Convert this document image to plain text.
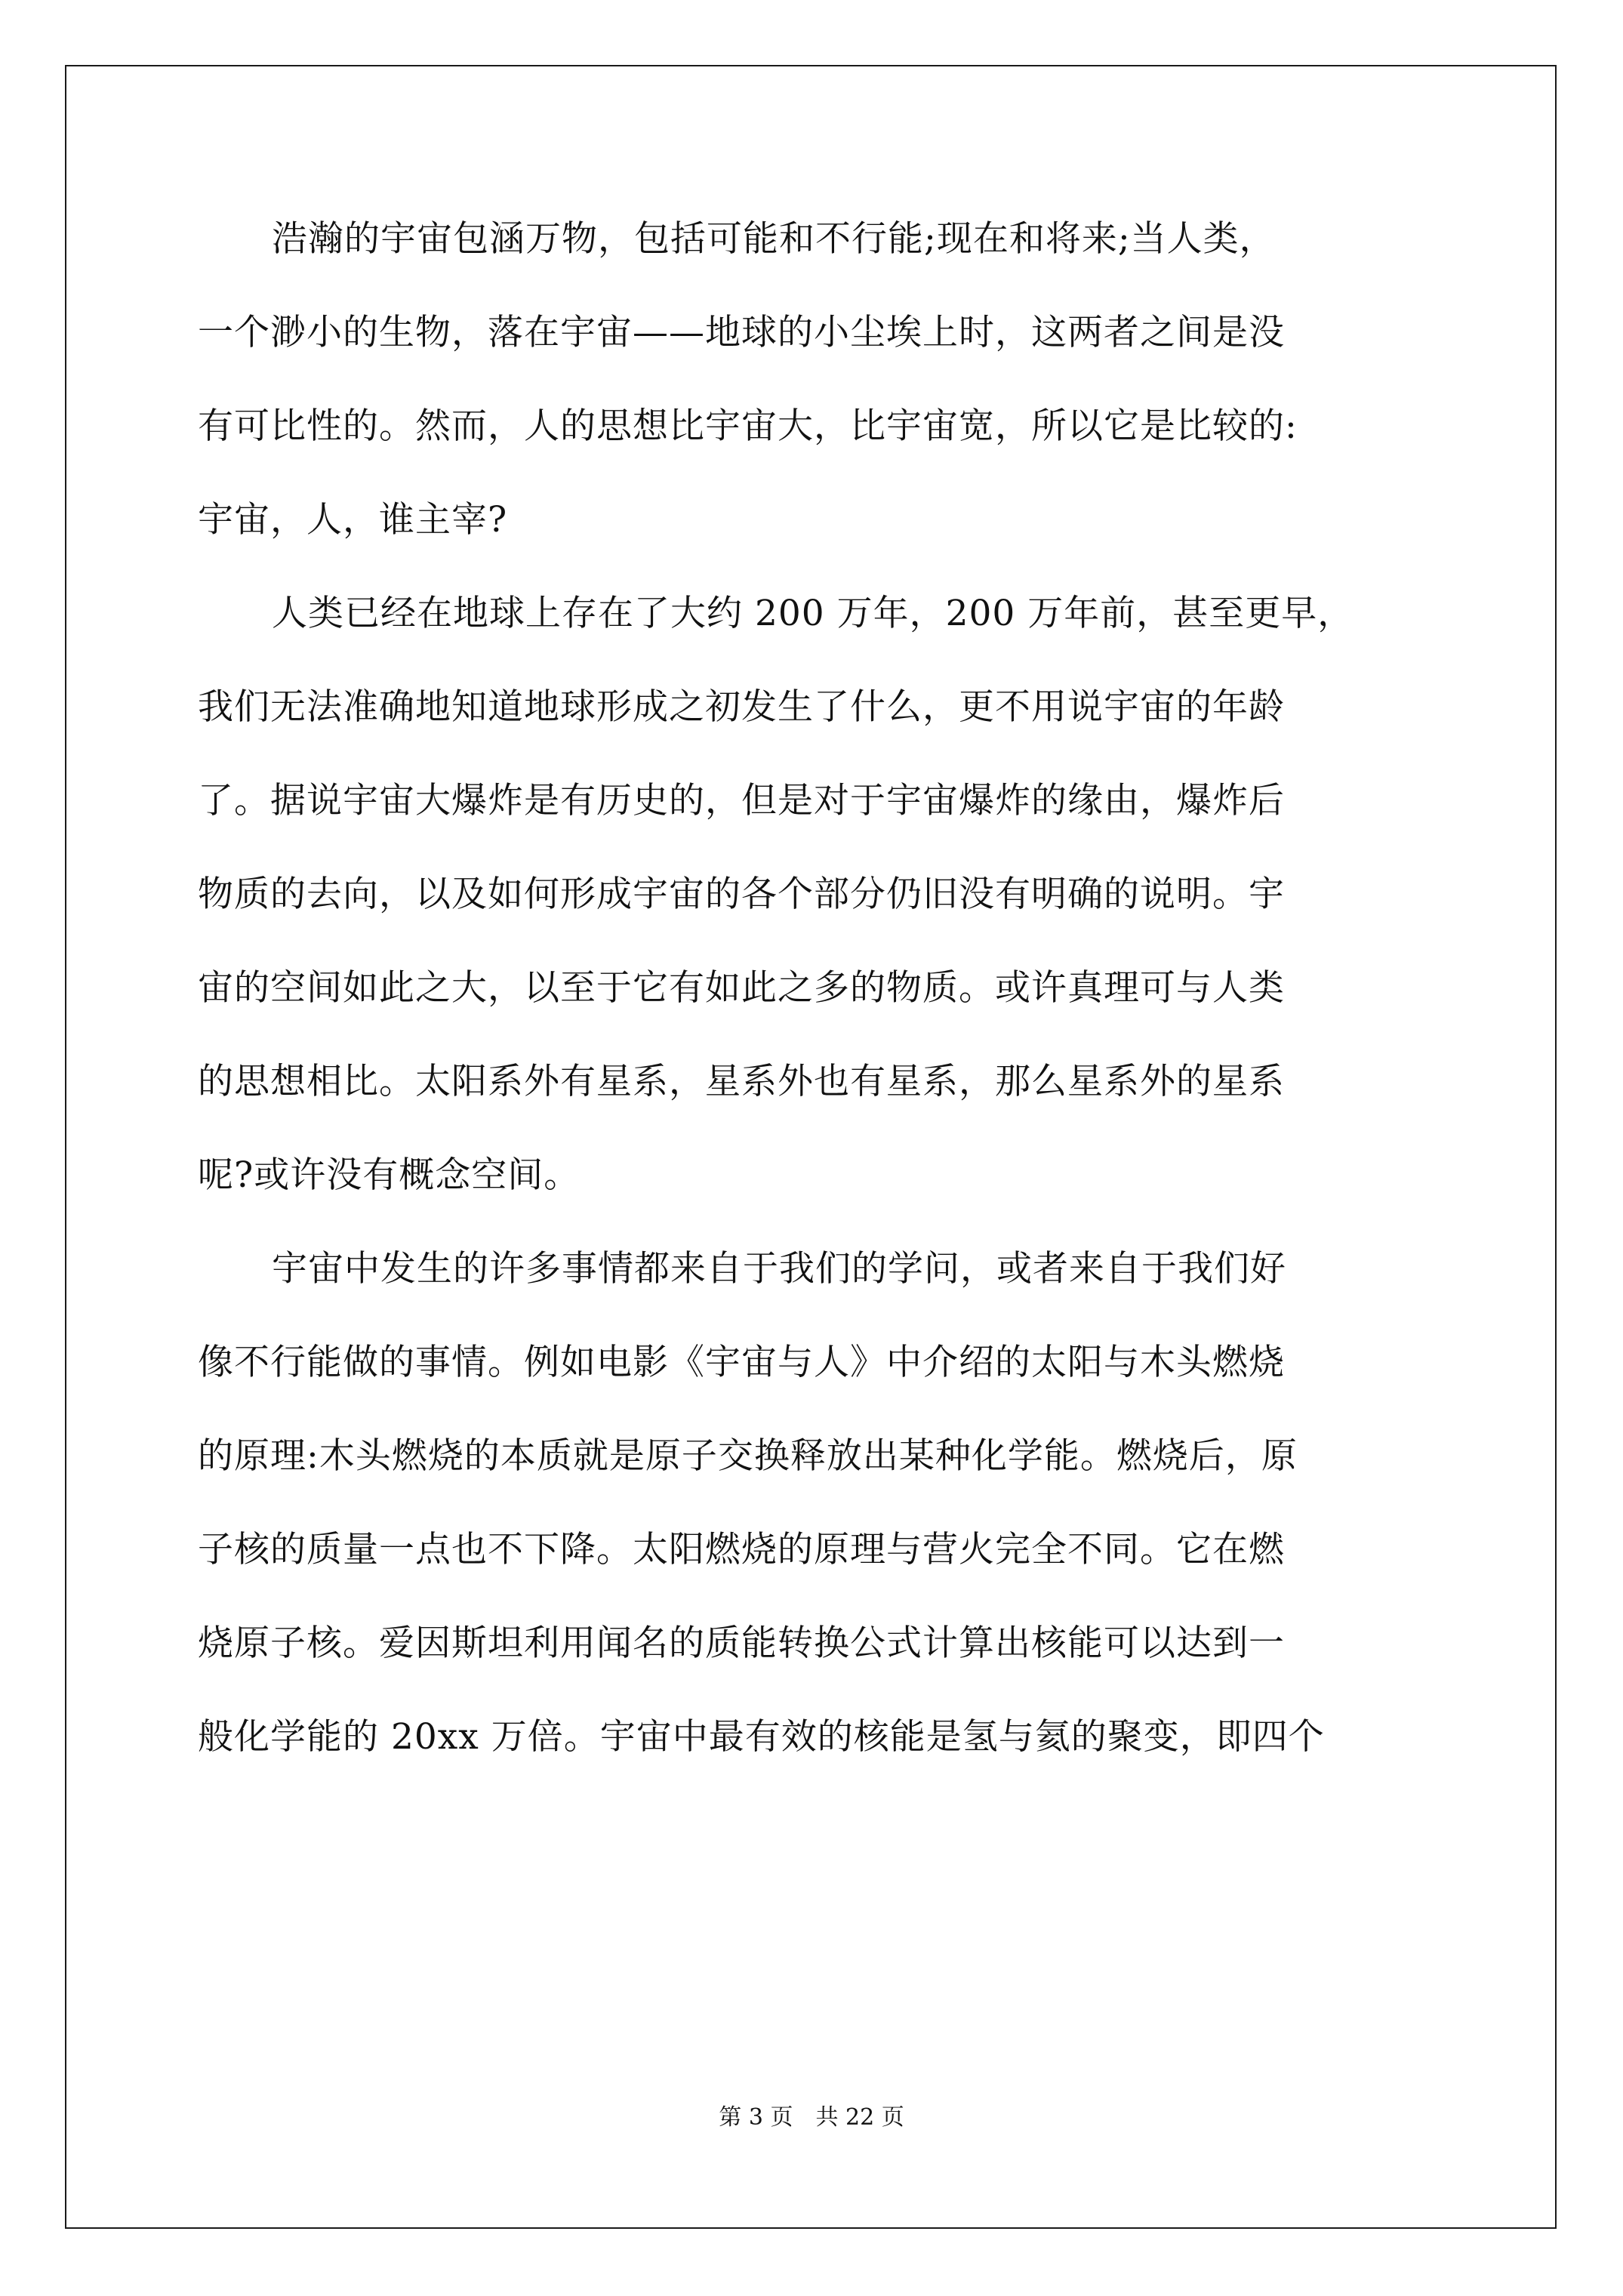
浩瀚的宇宙包涵万物，包括可能和不行能;现在和将来;当人类，
一个渺小的生物，落在宇宙——地球的小尘埃上时，这两者之间是没
有可比性的。然而，人的思想比宇宙大，比宇宙宽，所以它是比较的:
宇宙，人，谁主宰?
人类已经在地球上存在了大约 200 万年，200 万年前，甚至更早，
我们无法准确地知道地球形成之初发生了什么，更不用说宇宙的年龄
了。据说宇宙大爆炸是有历史的，但是对于宇宙爆炸的缘由，爆炸后
物质的去向，以及如何形成宇宙的各个部分仍旧没有明确的说明。宇
宙的空间如此之大，以至于它有如此之多的物质。或许真理可与人类
的思想相比。太阳系外有星系，星系外也有星系，那么星系外的星系
呢?或许没有概念空间。
宇宙中发生的许多事情都来自于我们的学问，或者来自于我们好
像不行能做的事情。例如电影《宇宙与人》中介绍的太阳与木头燃烧
的原理:木头燃烧的本质就是原子交换释放出某种化学能。燃烧后，原
子核的质量一点也不下降。太阳燃烧的原理与营火完全不同。它在燃
烧原子核。爱因斯坦利用闻名的质能转换公式计算出核能可以达到一
般化学能的 20xx 万倍。宇宙中最有效的核能是氢与氦的聚变，即四个
第 3 页　共 22 页
